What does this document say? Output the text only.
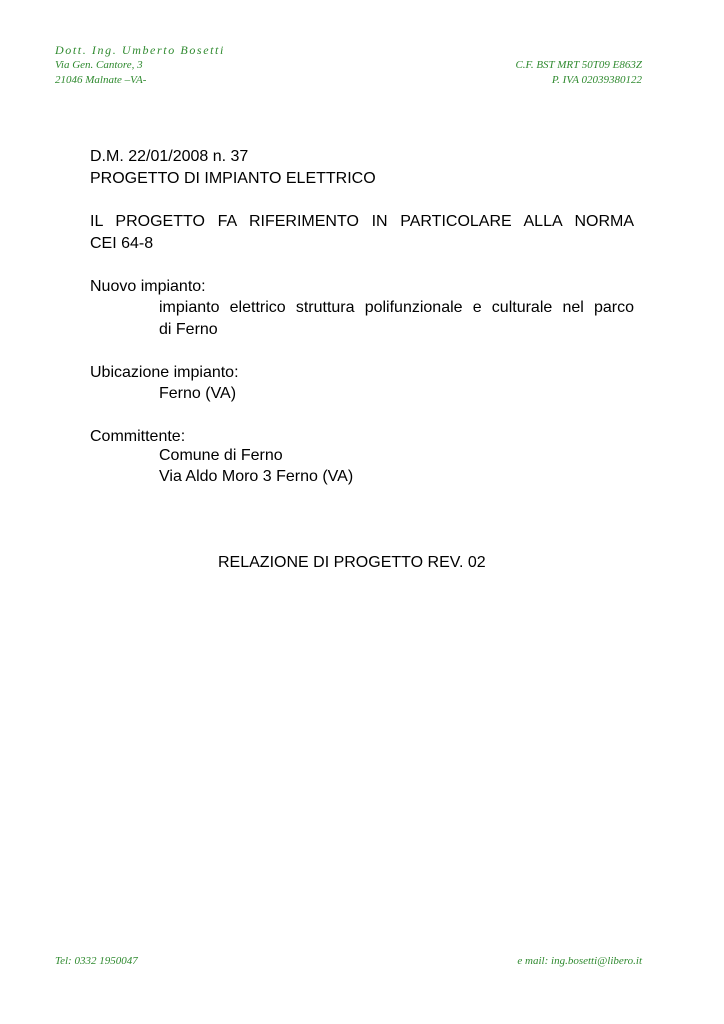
Dott. Ing. Umberto Bosetti
Via Gen. Cantore, 3
21046 Malnate –VA-
C.F. BST MRT 50T09 E863Z
P. IVA 02039380122
D.M. 22/01/2008 n. 37
PROGETTO DI IMPIANTO ELETTRICO
IL PROGETTO FA RIFERIMENTO IN PARTICOLARE ALLA NORMA
CEI 64-8
Nuovo impianto:
impianto elettrico struttura polifunzionale e culturale nel parco
di Ferno
Ubicazione impianto:
Ferno (VA)
Committente:
Comune di Ferno
Via Aldo Moro 3 Ferno (VA)
RELAZIONE DI PROGETTO REV. 02
Tel: 0332 1950047	e mail: ing.bosetti@libero.it
